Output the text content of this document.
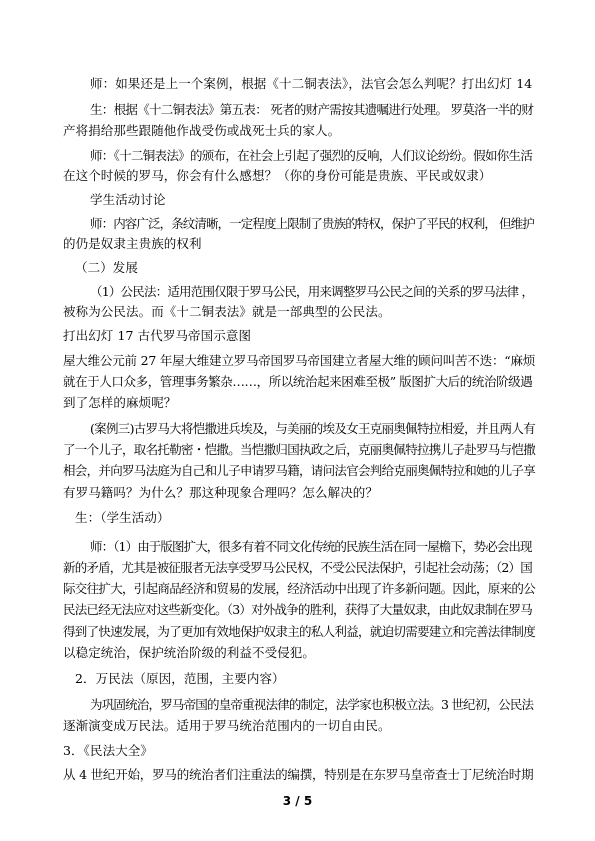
师：如果还是上一个案例，根据《十二铜表法》，法官会怎么判呢？打出幻灯 14
生：根据《十二铜表法》第五表： 死者的财产需按其遗嘱进行处理。 罗莫洛一半的财
产将捐给那些跟随他作战受伤或战死士兵的家人。
师：《十二铜表法》的颁布，在社会上引起了强烈的反响，人们议论纷纷。假如你生活
在这个时候的罗马，你会有什么感想？（你的身份可能是贵族、平民或奴隶）
学生活动讨论
师：内容广泛，条纹清晰，一定程度上限制了贵族的特权，保护了平民的权利， 但维护
的仍是奴隶主贵族的权利
（二）发展
（1）公民法：适用范围仅限于罗马公民，用来调整罗马公民之间的关系的罗马法律 ，
被称为公民法。而《十二铜表法》就是一部典型的公民法。
打出幻灯 17 古代罗马帝国示意图
屋大维公元前 27 年屋大维建立罗马帝国罗马帝国建立者屋大维的顾问叫苦不迭：“麻烦
就在于人口众多，管理事务繁杂……，所以统治起来困难至极” 版图扩大后的统治阶级遇
到了怎样的麻烦呢？
(案例三)古罗马大将恺撒进兵埃及，与美丽的埃及女王克丽奥佩特拉相爱，并且两人有
了一个儿子，取名托勒密・恺撒。当恺撒归国执政之后，克丽奥佩特拉携儿子赴罗马与恺撒
相会，并向罗马法庭为自己和儿子申请罗马籍，请问法官会判给克丽奥佩特拉和她的儿子享
有罗马籍吗？为什么？那这种现象合理吗？怎么解决的？
生：（学生活动）
师：（1）由于版图扩大，很多有着不同文化传统的民族生活在同一屋檐下，势必会出现
新的矛盾，尤其是被征服者无法享受罗马公民权，不受公民法保护，引起社会动荡；（2）国
际交往扩大，引起商品经济和贸易的发展，经济活动中出现了许多新问题。因此，原来的公
民法已经无法应对这些新变化。（3）对外战争的胜利，获得了大量奴隶，由此奴隶制在罗马
得到了快速发展，为了更加有效地保护奴隶主的私人利益，就迫切需要建立和完善法律制度
以稳定统治，保护统治阶级的利益不受侵犯。
2．万民法（原因，范围，主要内容）
为巩固统治，罗马帝国的皇帝重视法律的制定，法学家也积极立法。3 世纪初，公民法
逐渐演变成万民法。适用于罗马统治范围内的一切自由民。
3．《民法大全》
从 4 世纪开始，罗马的统治者们注重法的编撰，特别是在东罗马皇帝查士丁尼统治时期
3 / 5
